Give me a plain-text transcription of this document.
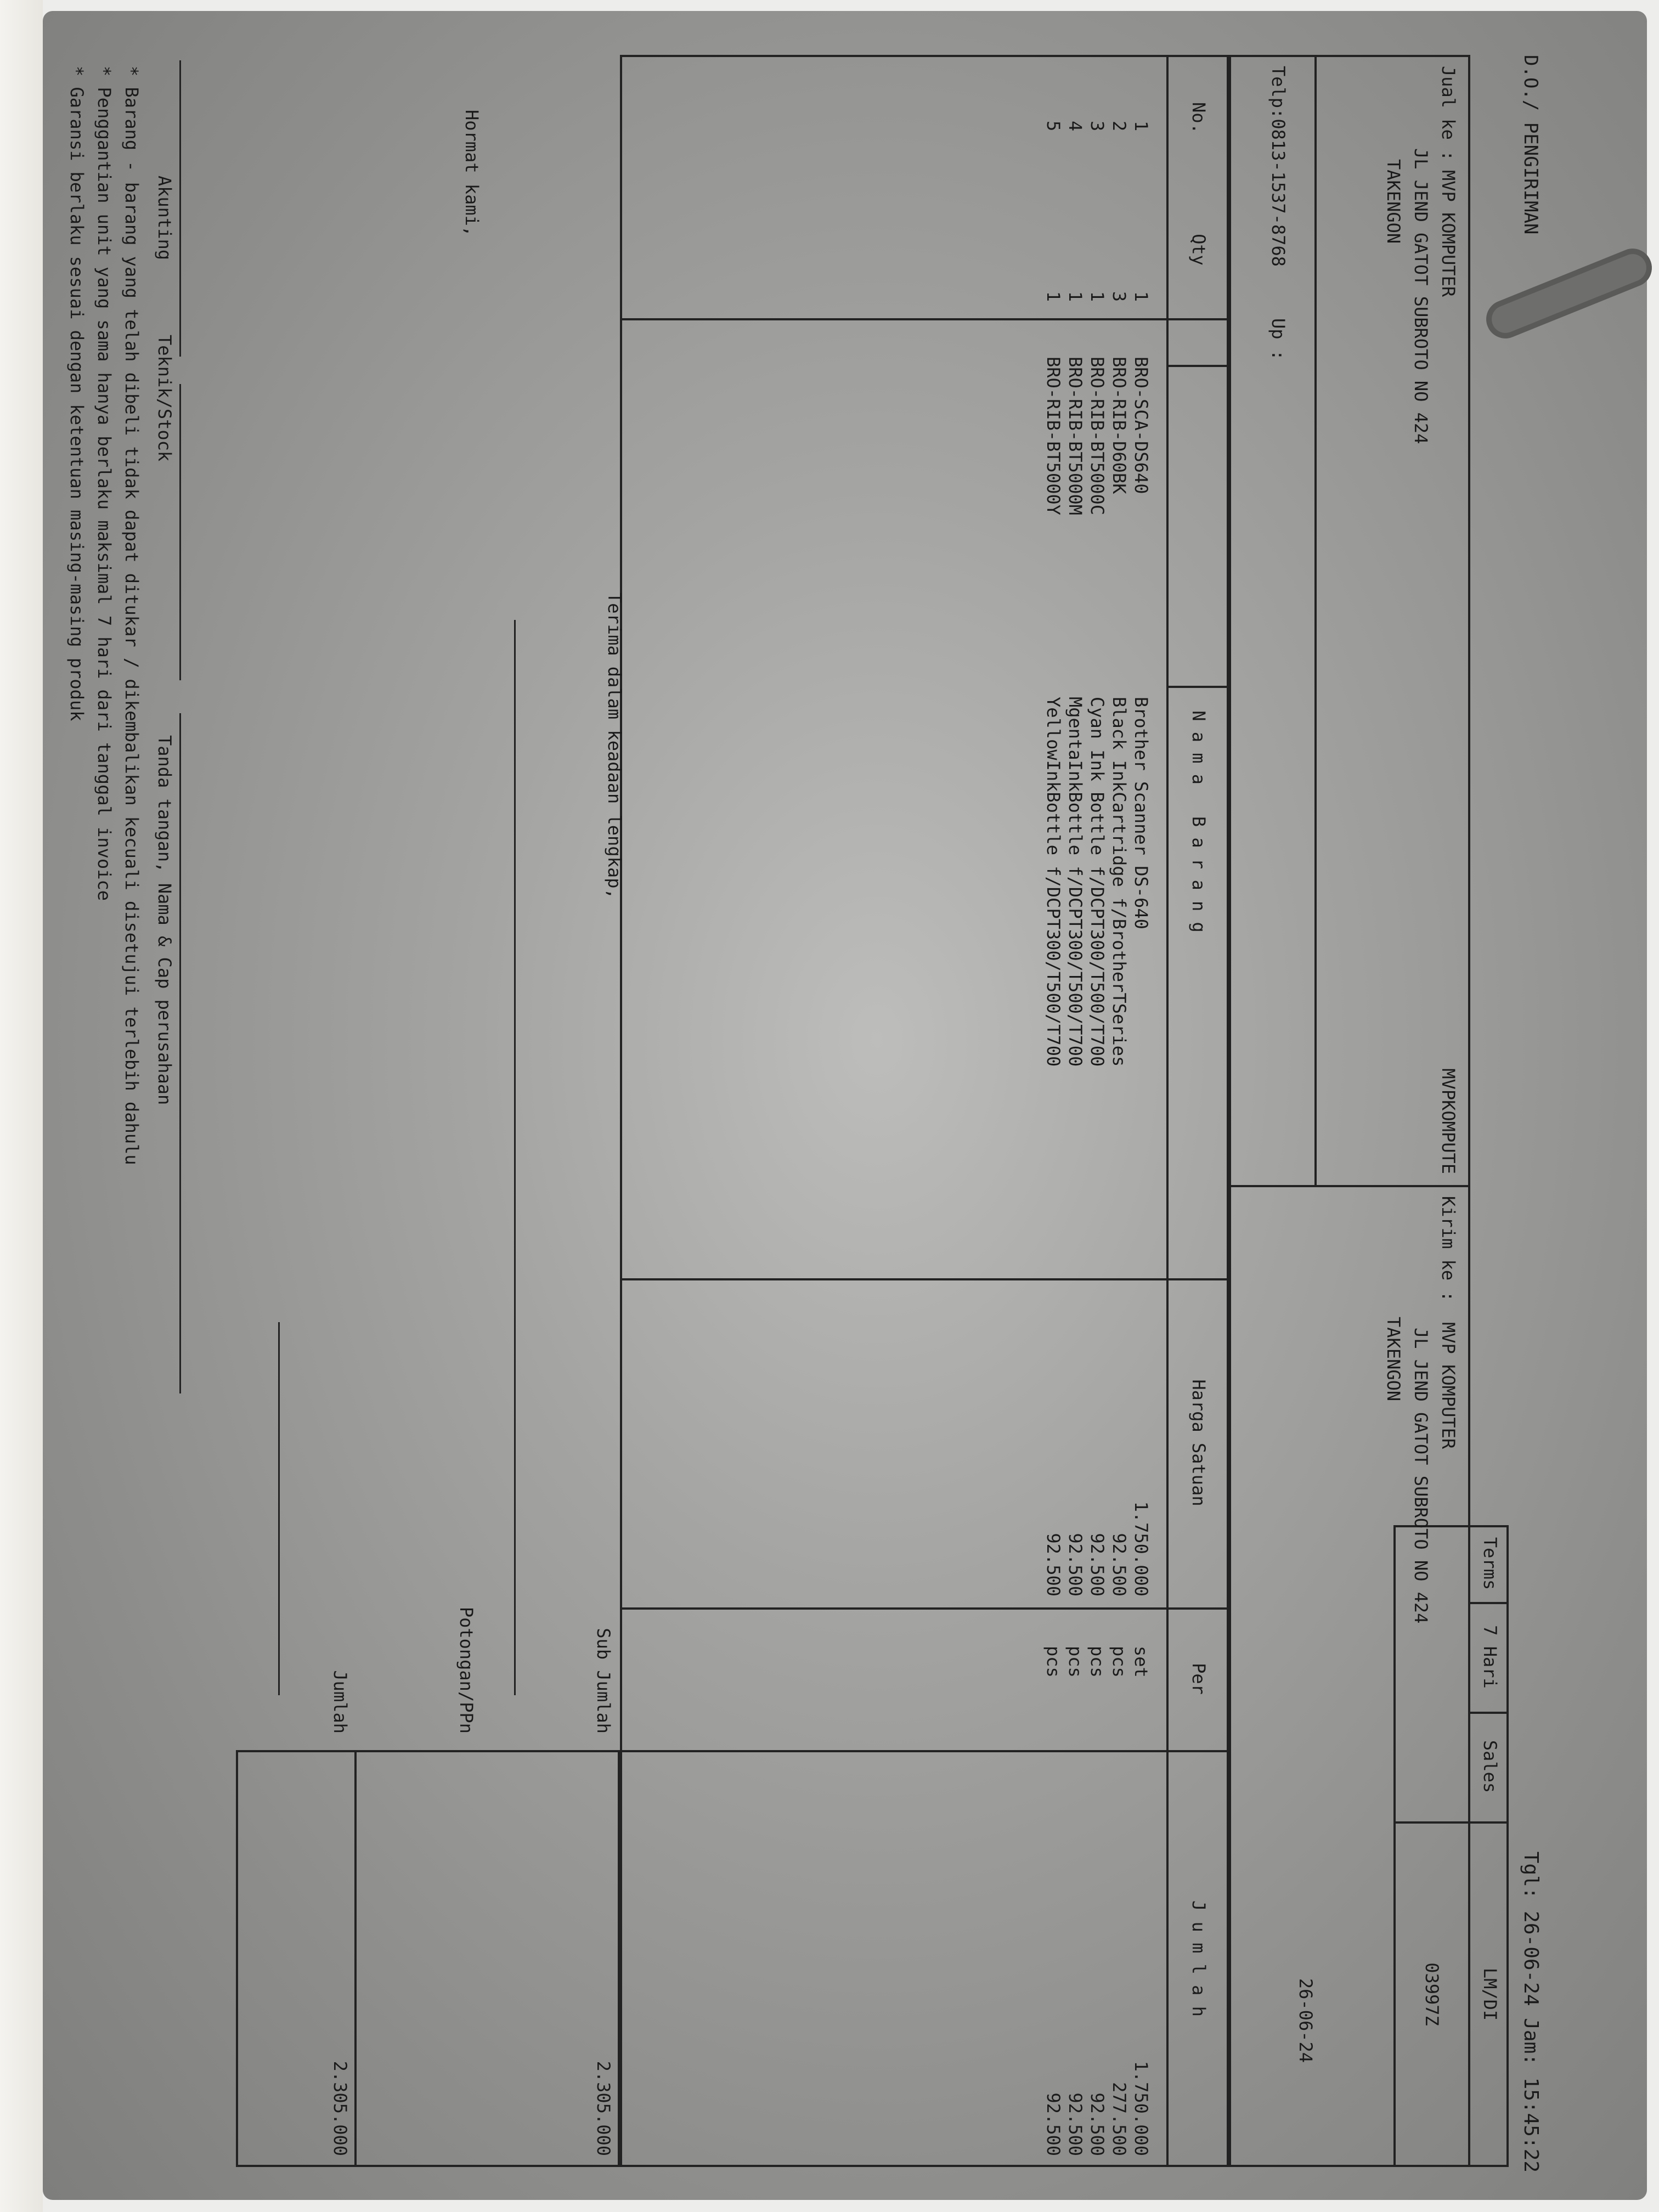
D.O./ PENGIRIMAN
Tgl: 26-06-24 Jam: 15:45:22
Terms
7 Hari
Sales
LM/DI
03997Z
Jual ke :
MVP KOMPUTER
JL JEND GATOT SUBROTO NO 424
TAKENGON
MVPKOMPUTE
Telp:0813-1537-8768
Up :
Kirim ke :
MVP KOMPUTER
JL JEND GATOT SUBROTO NO 424
TAKENGON
26-06-24
No.
Qty
N a m a   B a r a n g
Harga Satuan
Per
J u m l a h
1
1
BRO-SCA-DS640
Brother Scanner DS-640
1.750.000
set
1.750.000
2
3
BRO-RIB-D60BK
Black InkCartridge f/BrotherTSeries
92.500
pcs
277.500
3
1
BRO-RIB-BT5000C
Cyan Ink Bottle f/DCPT300/T500/T700
92.500
pcs
92.500
4
1
BRO-RIB-BT5000M
MgentaInkBottle f/DCPT300/T500/T700
92.500
pcs
92.500
5
1
BRO-RIB-BT5000Y
YellowInkBottle f/DCPT300/T500/T700
92.500
pcs
92.500
Sub Jumlah
2.305.000
Potongan/PPn
Jumlah
2.305.000
Terima dalam keadaan lengkap,
Hormat kami,
Akunting
Teknik/Stock
Tanda tangan, Nama & Cap perusahaan
* Barang - barang yang telah dibeli tidak dapat ditukar / dikembalikan kecuali disetujui terlebih dahulu
* Penggantian unit yang sama hanya berlaku maksimal 7 hari dari tanggal invoice
* Garansi berlaku sesuai dengan ketentuan masing-masing produk
